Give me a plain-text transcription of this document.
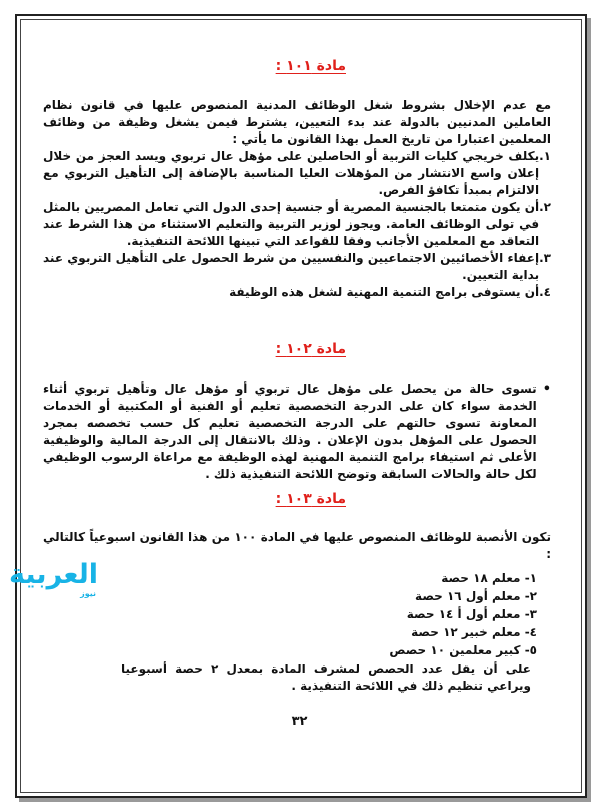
مادة ١٠١ :

مع عدم الإخلال بشروط شغل الوظائف المدنية المنصوص عليها في قانون نظام العاملين المدنيين بالدولة عند بدء التعيين، يشترط فيمن يشغل وظيفة من وظائف المعلمين اعتبارا من تاريخ العمل بهذا القانون ما يأتي :

١.
يكلف خريجي كليات التربية أو الحاصلين على مؤهل عال تربوي ويسد العجز من خلال إعلان واسع الانتشار من المؤهلات العليا المناسبة بالإضافة إلى التأهيل التربوي مع الالتزام بمبدأ تكافؤ الفرص.
٢.
أن يكون متمتعا بالجنسية المصرية أو جنسية إحدى الدول التي تعامل المصريين بالمثل في تولى الوظائف العامة. ويجوز لوزير التربية والتعليم الاستثناء من هذا الشرط عند التعاقد مع المعلمين الأجانب وفقا للقواعد التي تبينها اللائحة التنفيذية.
٣.
إعفاء الأخصائيين الاجتماعيين والنفسيين من شرط الحصول على التأهيل التربوي عند بداية التعيين.
٤.
أن يستوفى برامج التنمية المهنية لشغل هذه الوظيفة
مادة ١٠٢ :
•
تسوى حالة من يحصل على مؤهل عال تربوي أو مؤهل عال وتأهيل تربوي أثناء الخدمة سواء كان على الدرجة التخصصية تعليم أو الفنية أو المكتبية أو الخدمات المعاونة تسوى حالتهم على الدرجة التخصصية تعليم كل حسب تخصصه بمجرد الحصول على المؤهل بدون الإعلان . وذلك بالانتقال إلى الدرجة المالية والوظيفية الأعلى ثم استيفاء برامج التنمية المهنية لهذه الوظيفة مع مراعاة الرسوب الوظيفي لكل حالة والحالات السابقة وتوضح اللائحة التنفيذية ذلك .
مادة ١٠٣ :

تكون الأنصبة للوظائف المنصوص عليها في المادة ١٠٠ من هذا القانون اسبوعياً كالتالي :

١- معلم ١٨ حصة
٢- معلم أول ١٦ حصة
٣- معلم أول أ ١٤ حصة
٤- معلم خبير ١٢ حصة
٥- كبير معلمين ١٠ حصص

على أن يقل عدد الحصص لمشرف المادة بمعدل ٢ حصة أسبوعيا ويراعي تنظيم ذلك في اللائحة التنفيذية .

العربية
نيوز
٣٢
